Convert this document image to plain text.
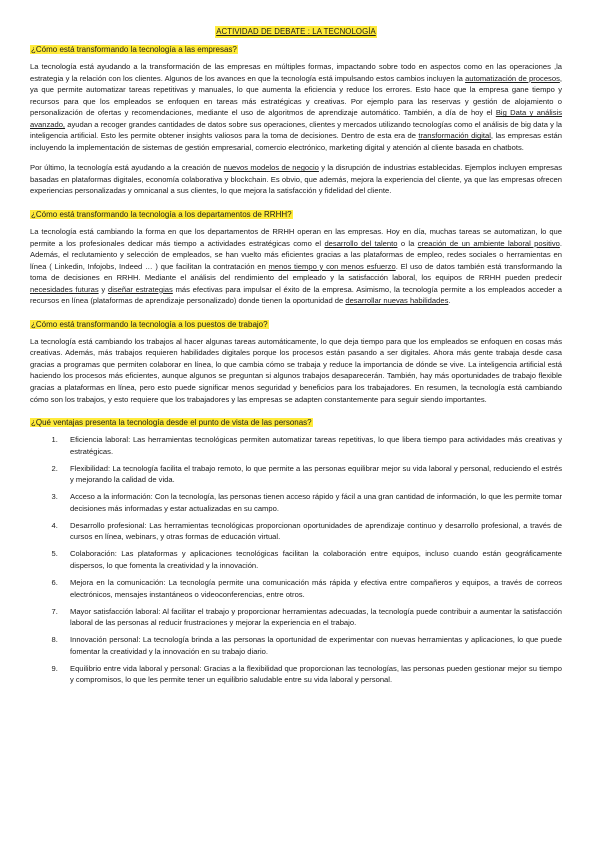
ACTIVIDAD DE DEBATE : LA TECNOLOGÍA
¿Cómo está transformando la tecnología a las empresas?

La tecnología está ayudando a la transformación de las empresas en múltiples formas, impactando sobre todo en aspectos como en las operaciones ,la estrategia y la relación con los clientes. Algunos de los avances en que la tecnología está impulsando estos cambios incluyen la automatización de procesos, ya que permite automatizar tareas repetitivas y manuales, lo que aumenta la eficiencia y reduce los errores. Esto hace que la empresa gane tiempo y recursos para que los empleados se enfoquen en tareas más estratégicas y creativas. Por ejemplo para las reservas y gestión de alojamiento o personalización de ofertas y recomendaciones, mediante el uso de algoritmos de aprendizaje automático. También, a día de hoy el Big Data y análisis avanzado, ayudan a recoger grandes cantidades de datos sobre sus operaciones, clientes y mercados utilizando tecnologías como el análisis de big data y la inteligencia artificial. Esto les permite obtener insights valiosos para la toma de decisiones. Dentro de esta era de transformación digital, las empresas están incluyendo la implementación de sistemas de gestión empresarial, comercio electrónico, marketing digital y atención al cliente basada en chatbots.

Por último, la tecnología está ayudando a la creación de nuevos modelos de negocio y la disrupción de industrias establecidas. Ejemplos incluyen empresas basadas en plataformas digitales, economía colaborativa y blockchain. Es obvio, que además, mejora la experiencia del cliente, ya que las empresas ofrecen experiencias personalizadas y omnicanal a sus clientes, lo que mejora la satisfacción y fidelidad del cliente.

¿Cómo está transformando la tecnología a los departamentos de RRHH?

La tecnología está cambiando la forma en que los departamentos de RRHH operan en las empresas. Hoy en día, muchas tareas se automatizan, lo que permite a los profesionales dedicar más tiempo a actividades estratégicas como el desarrollo del talento o la creación de un ambiente laboral positivo. Además, el reclutamiento y selección de empleados, se han vuelto más eficientes gracias a las plataformas de empleo, redes sociales o herramientas en línea ( Linkedin, Infojobs, Indeed … ) que facilitan la contratación en menos tiempo y con menos esfuerzo. El uso de datos también está transformando la toma de decisiones en RRHH. Mediante el análisis del rendimiento del empleado y la satisfacción laboral, los equipos de RRHH pueden predecir necesidades futuras y diseñar estrategias más efectivas para impulsar el éxito de la empresa. Asimismo, la tecnología permite a los empleados acceder a recursos en línea (plataformas de aprendizaje personalizado) donde tienen la oportunidad de desarrollar nuevas habilidades.

¿Cómo está transformando la tecnología a los puestos de trabajo?

La tecnología está cambiando los trabajos al hacer algunas tareas automáticamente, lo que deja tiempo para que los empleados se enfoquen en cosas más creativas. Además, más trabajos requieren habilidades digitales porque los procesos están pasando a ser digitales. Ahora más gente trabaja desde casa gracias a programas que permiten colaborar en línea, lo que cambia cómo se trabaja y reduce la importancia de dónde se vive. La inteligencia artificial está haciendo los procesos más eficientes, aunque algunos se preguntan si algunos trabajos desaparecerán. También, hay más oportunidades de trabajo flexible gracias a plataformas en línea, pero esto puede significar menos seguridad y beneficios para los trabajadores. En resumen, la tecnología está cambiando cómo son los trabajos, y esto requiere que los trabajadores y las empresas se adapten constantemente para seguir siendo importantes.

¿Qué ventajas presenta la tecnología desde el punto de vista de las personas?
1. Eficiencia laboral: Las herramientas tecnológicas permiten automatizar tareas repetitivas, lo que libera tiempo para actividades más creativas y estratégicas.
2. Flexibilidad: La tecnología facilita el trabajo remoto, lo que permite a las personas equilibrar mejor su vida laboral y personal, reduciendo el estrés y mejorando la calidad de vida.
3. Acceso a la información: Con la tecnología, las personas tienen acceso rápido y fácil a una gran cantidad de información, lo que les permite tomar decisiones más informadas y estar actualizadas en su campo.
4. Desarrollo profesional: Las herramientas tecnológicas proporcionan oportunidades de aprendizaje continuo y desarrollo profesional, a través de cursos en línea, webinars, y otras formas de educación virtual.
5. Colaboración: Las plataformas y aplicaciones tecnológicas facilitan la colaboración entre equipos, incluso cuando están geográficamente dispersos, lo que fomenta la creatividad y la innovación.
6. Mejora en la comunicación: La tecnología permite una comunicación más rápida y efectiva entre compañeros y equipos, a través de correos electrónicos, mensajes instantáneos o videoconferencias, entre otros.
7. Mayor satisfacción laboral: Al facilitar el trabajo y proporcionar herramientas adecuadas, la tecnología puede contribuir a aumentar la satisfacción laboral de las personas al reducir frustraciones y mejorar la experiencia en el trabajo.
8. Innovación personal: La tecnología brinda a las personas la oportunidad de experimentar con nuevas herramientas y aplicaciones, lo que puede fomentar la creatividad y la innovación en su trabajo diario.
9. Equilibrio entre vida laboral y personal: Gracias a la flexibilidad que proporcionan las tecnologías, las personas pueden gestionar mejor su tiempo y compromisos, lo que les permite tener un equilibrio saludable entre su vida laboral y personal.
